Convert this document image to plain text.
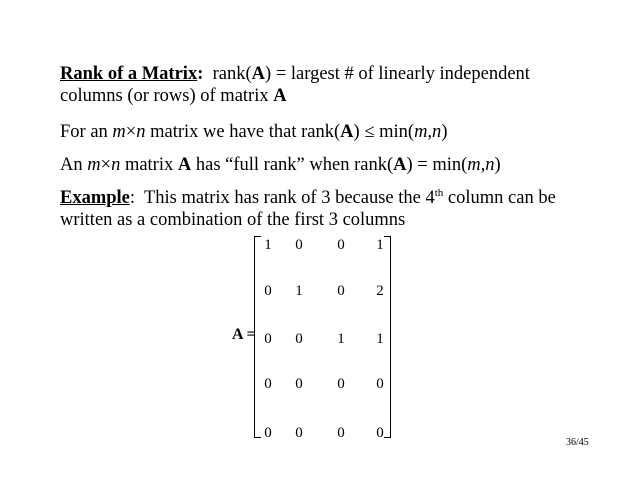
Rank of a Matrix:  rank(A) = largest # of linearly independent
columns (or rows) of matrix A
For an m×n matrix we have that rank(A) ≤ min(m,n)
An m×n matrix A has “full rank” when rank(A) = min(m,n)
Example:  This matrix has rank of 3 because the 4th column can be
written as a combination of the first 3 columns
A =
1	0	0	1
0	1	0	2
0	0	1	1
0	0	0	0
0	0	0	0
36/45
